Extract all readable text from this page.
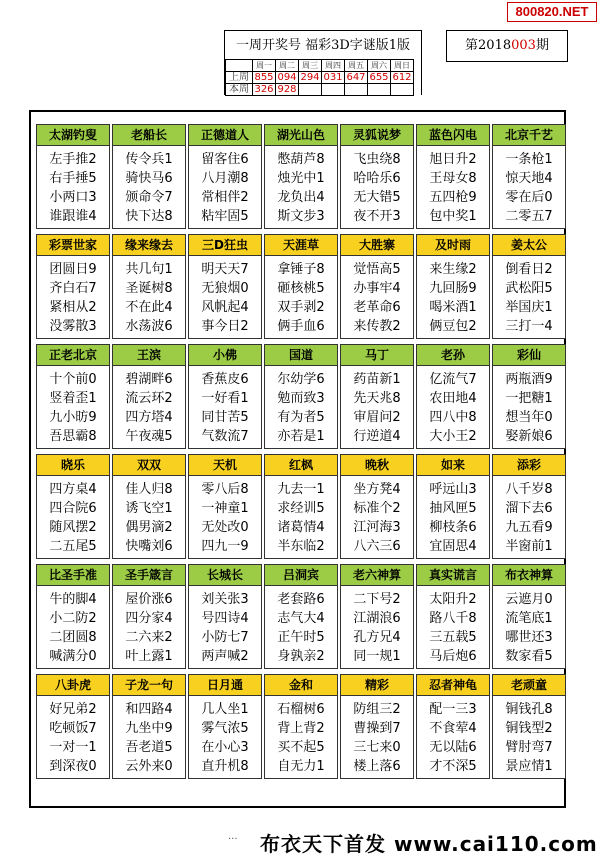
800820.NET
一周开奖号 福彩3D字谜版1版
	周一	周二	周三	周四	周五	周六	周日
上周	855	094	294	031	647	655	612
本周	326	928					
第2018003期
太湖钓叟
左手推2
右手捶5
小两口3
谁跟谁4
老船长
传令兵1
骑快马6
颁命令7
快下达8
正德道人
留客住6
八月潮8
常相伴2
粘牢固5
湖光山色
憋葫芦8
烛光中1
龙负出4
斯文步3
灵狐说梦
飞虫绕8
哈哈乐6
无大错5
夜不开3
蓝色闪电
旭日升2
王母女8
五四枪9
包中奖1
北京千艺
一条枪1
惊天地4
零在后0
二零五7
彩票世家
团圆日9
齐白石7
紧相从2
没雾散3
缘来缘去
共几句1
圣诞树8
不在此4
水荡波6
三D狂虫
明天天7
无狼烟0
风帆起4
事今日2
天涯草
拿锤子8
砸核桃5
双手剥2
俩手血6
大胜寨
觉悟高5
办事牢4
老革命6
来传教2
及时雨
来生缘2
九回肠9
喝米酒1
俩豆包2
姜太公
倒看日2
武松阳5
举国庆1
三打一4
正老北京
十个前0
竖着歪1
九小昉9
吾思霸8
王滨
碧湖畔6
流云环2
四方塔4
午夜魂5
小佛
香蕉皮6
一好看1
同甘苦5
气数流7
国道
尔幼学6
勉而致3
有为者5
亦若是1
马丁
药苗新1
先天兆8
审眉问2
行逆道4
老孙
亿流气7
农田地4
四八中8
大小王2
彩仙
两瓶酒9
一把糖1
想当年0
娶新娘6
晓乐
四方桌4
四合院6
随风摆2
二五尾5
双双
佳人归8
诱飞空1
偶男滴2
快嘴刘6
天机
零八后8
一神童1
无处改0
四九一9
红枫
九去一1
求经训5
诸葛情4
半东临2
晚秋
坐方凳4
标准个2
江河海3
八六三6
如来
呼远山3
抽风匣5
柳枝条6
宜固思4
添彩
八千岁8
溜下去6
九五看9
半窗前1
比圣手准
牛的脚4
小二防2
二团圆8
喊满分0
圣手箴言
屋价涨6
四分家4
二六来2
叶上露1
长城长
刘关张3
号四诗4
小防七7
两声喊2
吕洞宾
老套路6
志气大4
正午时5
身孰亲2
老六神算
二下号2
江湖浪6
孔方兄4
同一规1
真实谎言
太阳升2
路八千8
三五载5
马后炮6
布衣神算
云遮月0
流笔底1
哪世还3
数家看5
八卦虎
好兄弟2
吃顿饭7
一对一1
到深夜0
子龙一句
和四路4
九坐中9
吾老道5
云外来0
日月通
几人坐1
雾气浓5
在小心3
直升机8
金和
石榴树6
背上背2
买不起5
自无力1
精彩
防组三2
曹操到7
三七来0
楼上落6
忍者神龟
配一三3
不食荤4
无以陆6
才不深5
老顽童
铜钱孔8
铜钱型2
臂肘弯7
景应情1
··· 布衣天下首发 www.cai110.com
